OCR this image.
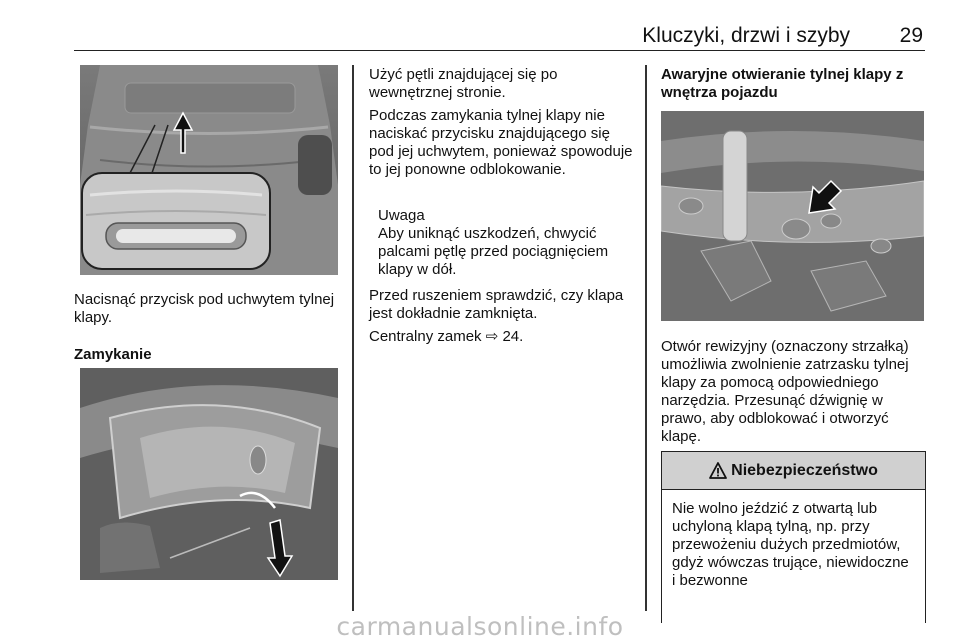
Kluczyki, drzwi i szyby 29

Nacisnąć przycisk pod uchwytem tylnej klapy.

Zamykanie

Użyć pętli znajdującej się po wewnętrznej stronie.

Podczas zamykania tylnej klapy nie naciskać przycisku znajdującego się pod jej uchwytem, ponieważ spowoduje to jej ponowne odblokowanie.

Uwaga

Aby uniknąć uszkodzeń, chwycić palcami pętlę przed pociągnięciem klapy w dół.

Przed ruszeniem sprawdzić, czy klapa jest dokładnie zamknięta.

Centralny zamek ⇨ 24.

Awaryjne otwieranie tylnej klapy z wnętrza pojazdu

Otwór rewizyjny (oznaczony strzałką) umożliwia zwolnienie zatrzasku tylnej klapy za pomocą odpowiedniego narzędzia. Przesunąć dźwignię w prawo, aby odblokować i otworzyć klapę.

Niebezpieczeństwo
Nie wolno jeździć z otwartą lub uchyloną klapą tylną, np. przy przewożeniu dużych przedmiotów, gdyż wówczas trujące, niewidoczne i bezwonne
carmanualsonline.info
